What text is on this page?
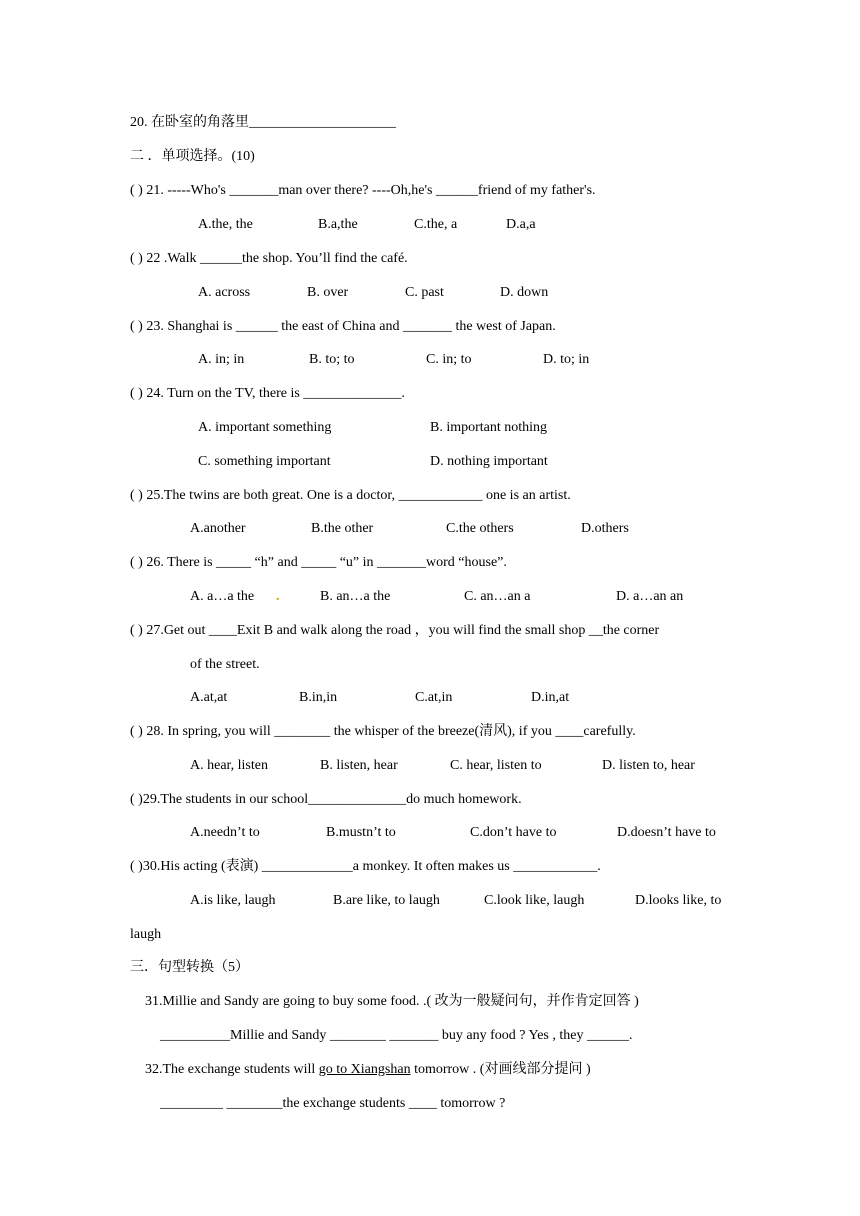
20. 在卧室的角落里_____________________
二 ．单项选择。(10)
( ) 21. -----Who's _______man over there? ----Oh,he's ______friend of my father's.
A.the, the	B.a,the	C.the, a	D.a,a
( ) 22 .Walk ______the shop. You’ll find the café.
A. across	B. over	C. past	D. down
( ) 23. Shanghai is ______ the east of China and _______ the west of Japan.
A. in; in	B. to; to	C. in; to	D. to; in
( ) 24. Turn on the TV, there is ______________.
A. important something	B. important nothing
C. something important	D. nothing important
( ) 25.The twins are both great. One is a doctor, ____________ one is an artist.
A.another	B.the other	C.the others	D.others
( ) 26. There is _____ “h” and _____ “u” in _______word “house”.
A. a…a the .	B. an…a the	C. an…an a	D. a…an an
( ) 27.Get out ____Exit B and walk along the road ，you will find the small shop __the corner
of the street.
A.at,at	B.in,in	C.at,in	D.in,at
( ) 28. In spring, you will ________ the whisper of the breeze(清风), if you ____carefully.
A. hear, listen	B. listen, hear	C. hear, listen to	D. listen to, hear
( )29.The students in our school______________do much homework.
A.needn’t to	B.mustn’t to	C.don’t have to	D.doesn’t have to
( )30.His acting (表演) _____________a monkey. It often makes us ____________.
A.is like, laugh	B.are like, to laugh	C.look like, laugh	D.looks like, to
laugh
三．句型转换（5）
31.Millie and Sandy are going to buy some food. .( 改为一般疑问句，并作肯定回答 )
__________Millie and Sandy ________ _______ buy any food ? Yes , they ______.
32.The exchange students will go to Xiangshan tomorrow . (对画线部分提问 )
_________ ________the exchange students ____ tomorrow ?
